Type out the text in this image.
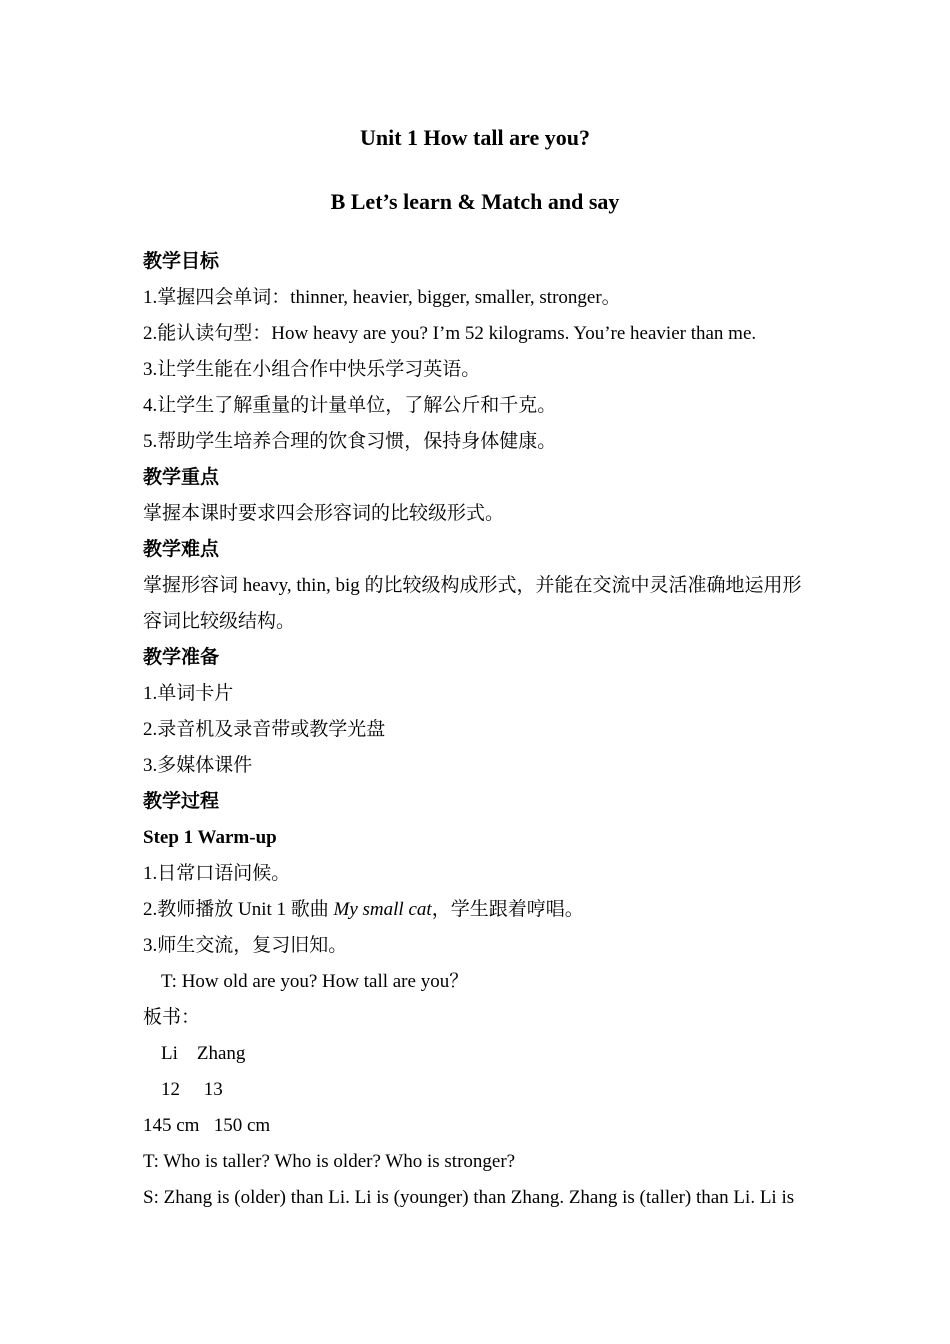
Unit 1 How tall are you?
B Let’s learn & Match and say
教学目标
1.掌握四会单词：thinner, heavier, bigger, smaller, stronger。
2.能认读句型：How heavy are you? I’m 52 kilograms. You’re heavier than me.
3.让学生能在小组合作中快乐学习英语。
4.让学生了解重量的计量单位，了解公斤和千克。
5.帮助学生培养合理的饮食习惯，保持身体健康。
教学重点
掌握本课时要求四会形容词的比较级形式。
教学难点
掌握形容词 heavy, thin, big 的比较级构成形式，并能在交流中灵活准确地运用形
容词比较级结构。
教学准备
1.单词卡片
2.录音机及录音带或教学光盘
3.多媒体课件
教学过程
Step 1 Warm-up
1.日常口语问候。
2.教师播放 Unit 1 歌曲 My small cat，学生跟着哼唱。
3.师生交流，复习旧知。
T: How old are you? How tall are you？
板书：
Li    Zhang
12     13
145 cm   150 cm
T: Who is taller? Who is older? Who is stronger?
S: Zhang is (older) than Li. Li is (younger) than Zhang. Zhang is (taller) than Li. Li is
